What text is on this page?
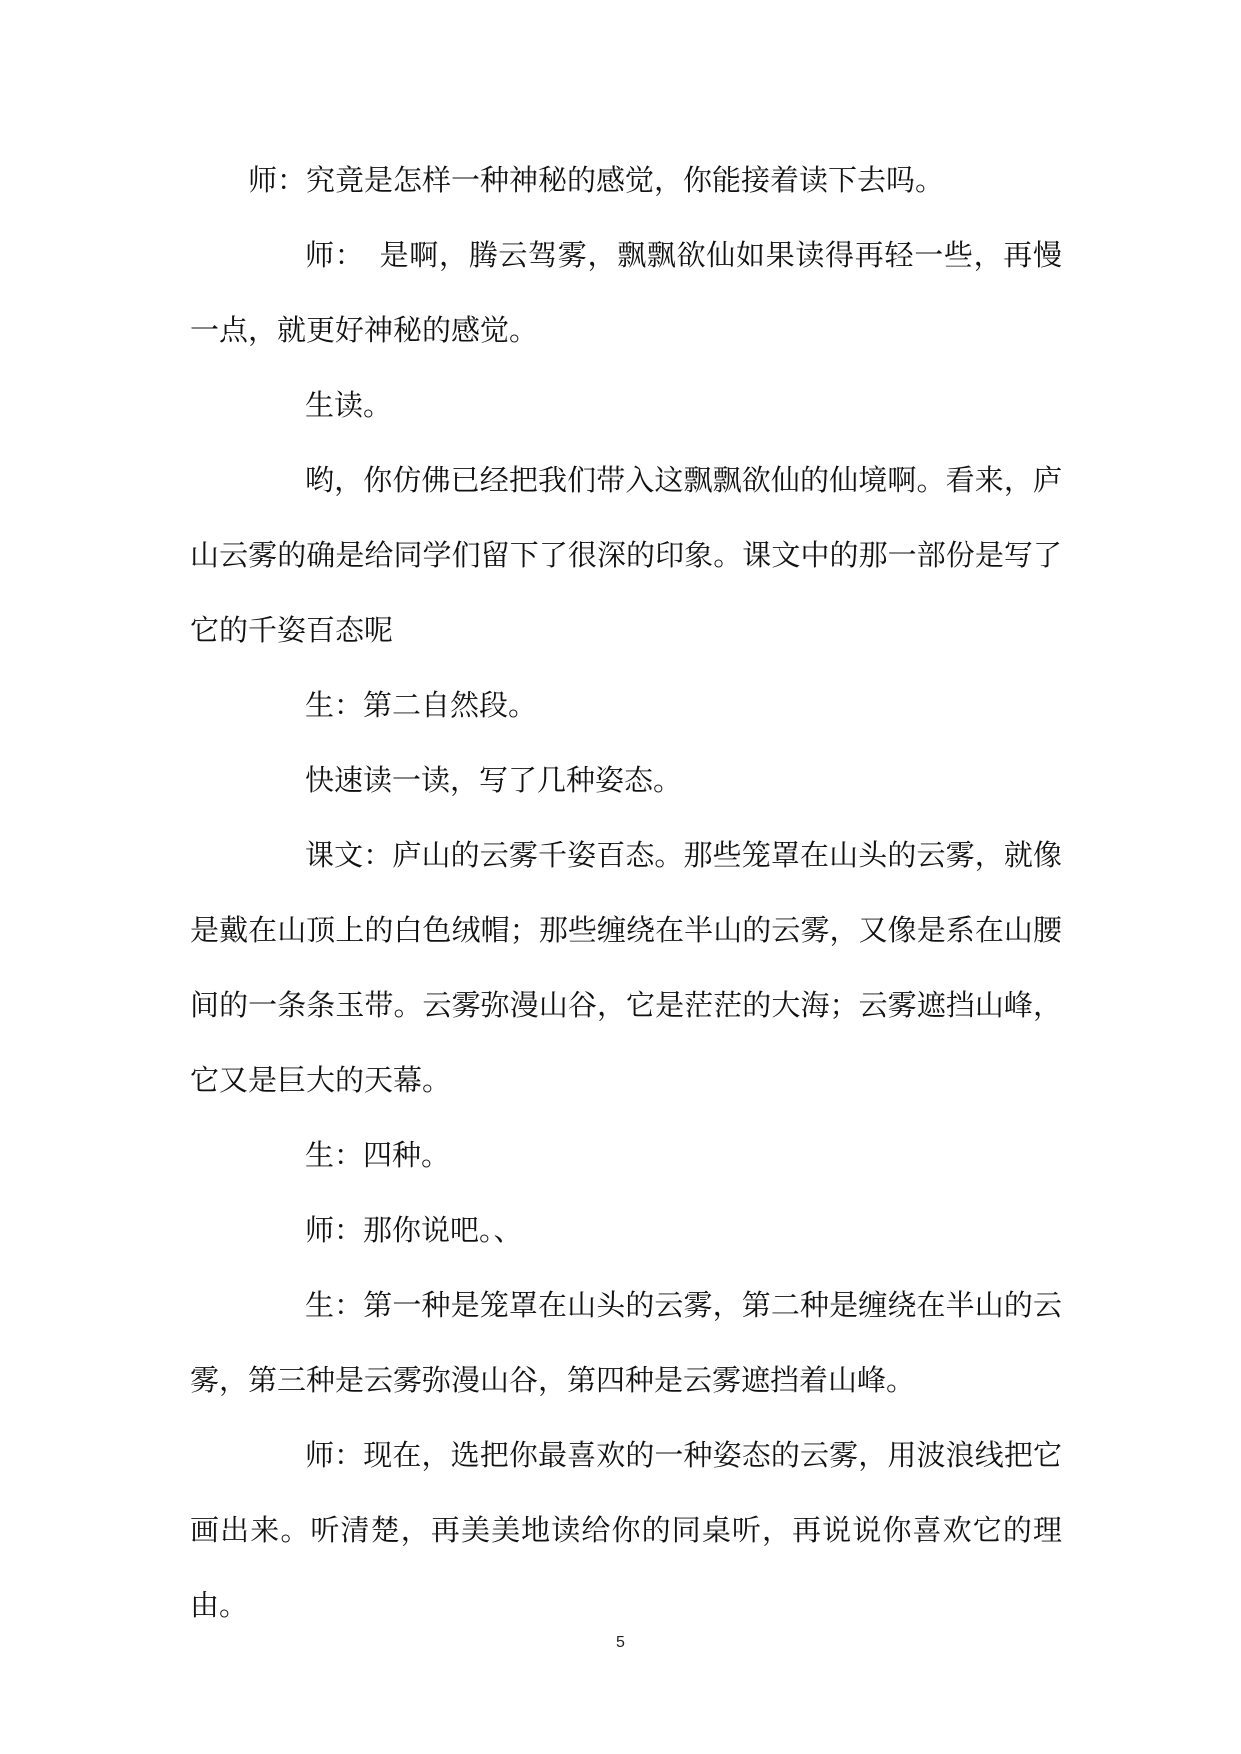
师：究竟是怎样一种神秘的感觉，你能接着读下去吗。

师：　是啊，腾云驾雾，飘飘欲仙如果读得再轻一些，再慢一点，就更好神秘的感觉。

生读。

哟，你仿佛已经把我们带入这飘飘欲仙的仙境啊。看来，庐山云雾的确是给同学们留下了很深的印象。课文中的那一部份是写了它的千姿百态呢

生：第二自然段。

快速读一读，写了几种姿态。

课文：庐山的云雾千姿百态。那些笼罩在山头的云雾，就像是戴在山顶上的白色绒帽；那些缠绕在半山的云雾，又像是系在山腰间的一条条玉带。云雾弥漫山谷，它是茫茫的大海；云雾遮挡山峰，它又是巨大的天幕。

生：四种。

师：那你说吧。、

生：第一种是笼罩在山头的云雾，第二种是缠绕在半山的云雾，第三种是云雾弥漫山谷，第四种是云雾遮挡着山峰。

师：现在，选把你最喜欢的一种姿态的云雾，用波浪线把它画出来。听清楚，再美美地读给你的同桌听，再说说你喜欢它的理由。

5
